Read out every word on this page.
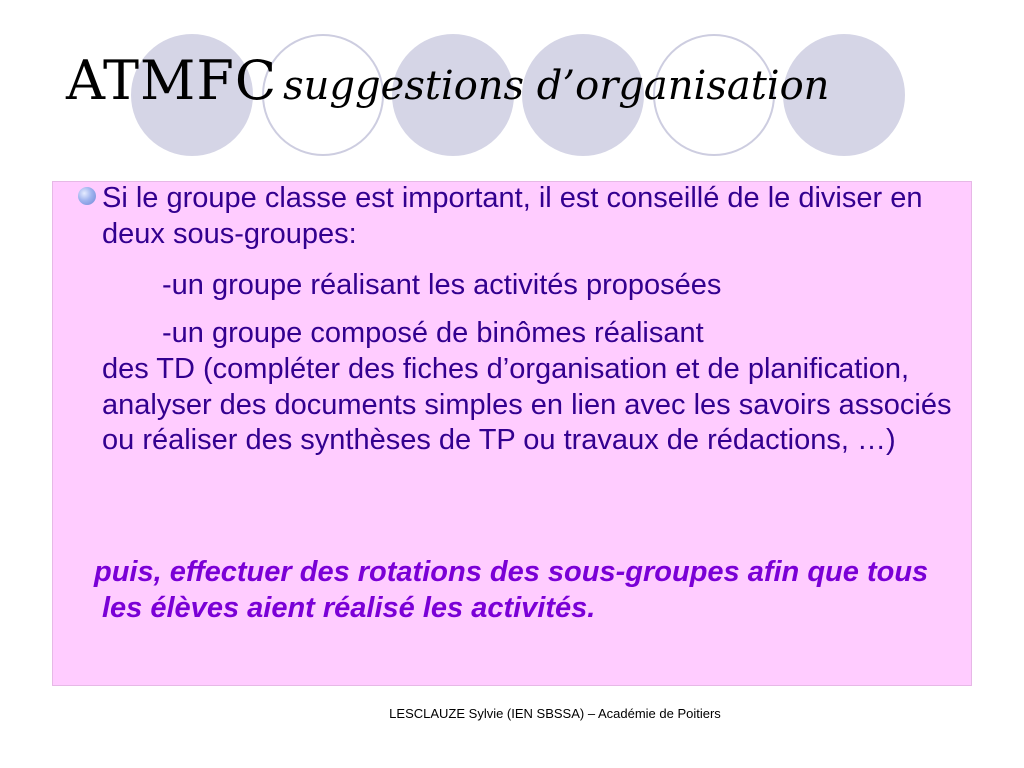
ATMFC suggestions d’organisation

Si le groupe classe est important, il est conseillé de le diviser en deux sous-groupes:

-un groupe réalisant les activités proposées

-un groupe composé de binômes réalisant

des TD (compléter des fiches d’organisation et de planification, analyser des documents simples en lien avec les savoirs associés ou réaliser des synthèses de TP ou travaux de rédactions, …)

puis, effectuer des rotations des sous-groupes afin que tous les élèves aient réalisé les activités.

LESCLAUZE Sylvie (IEN SBSSA) – Académie de Poitiers
